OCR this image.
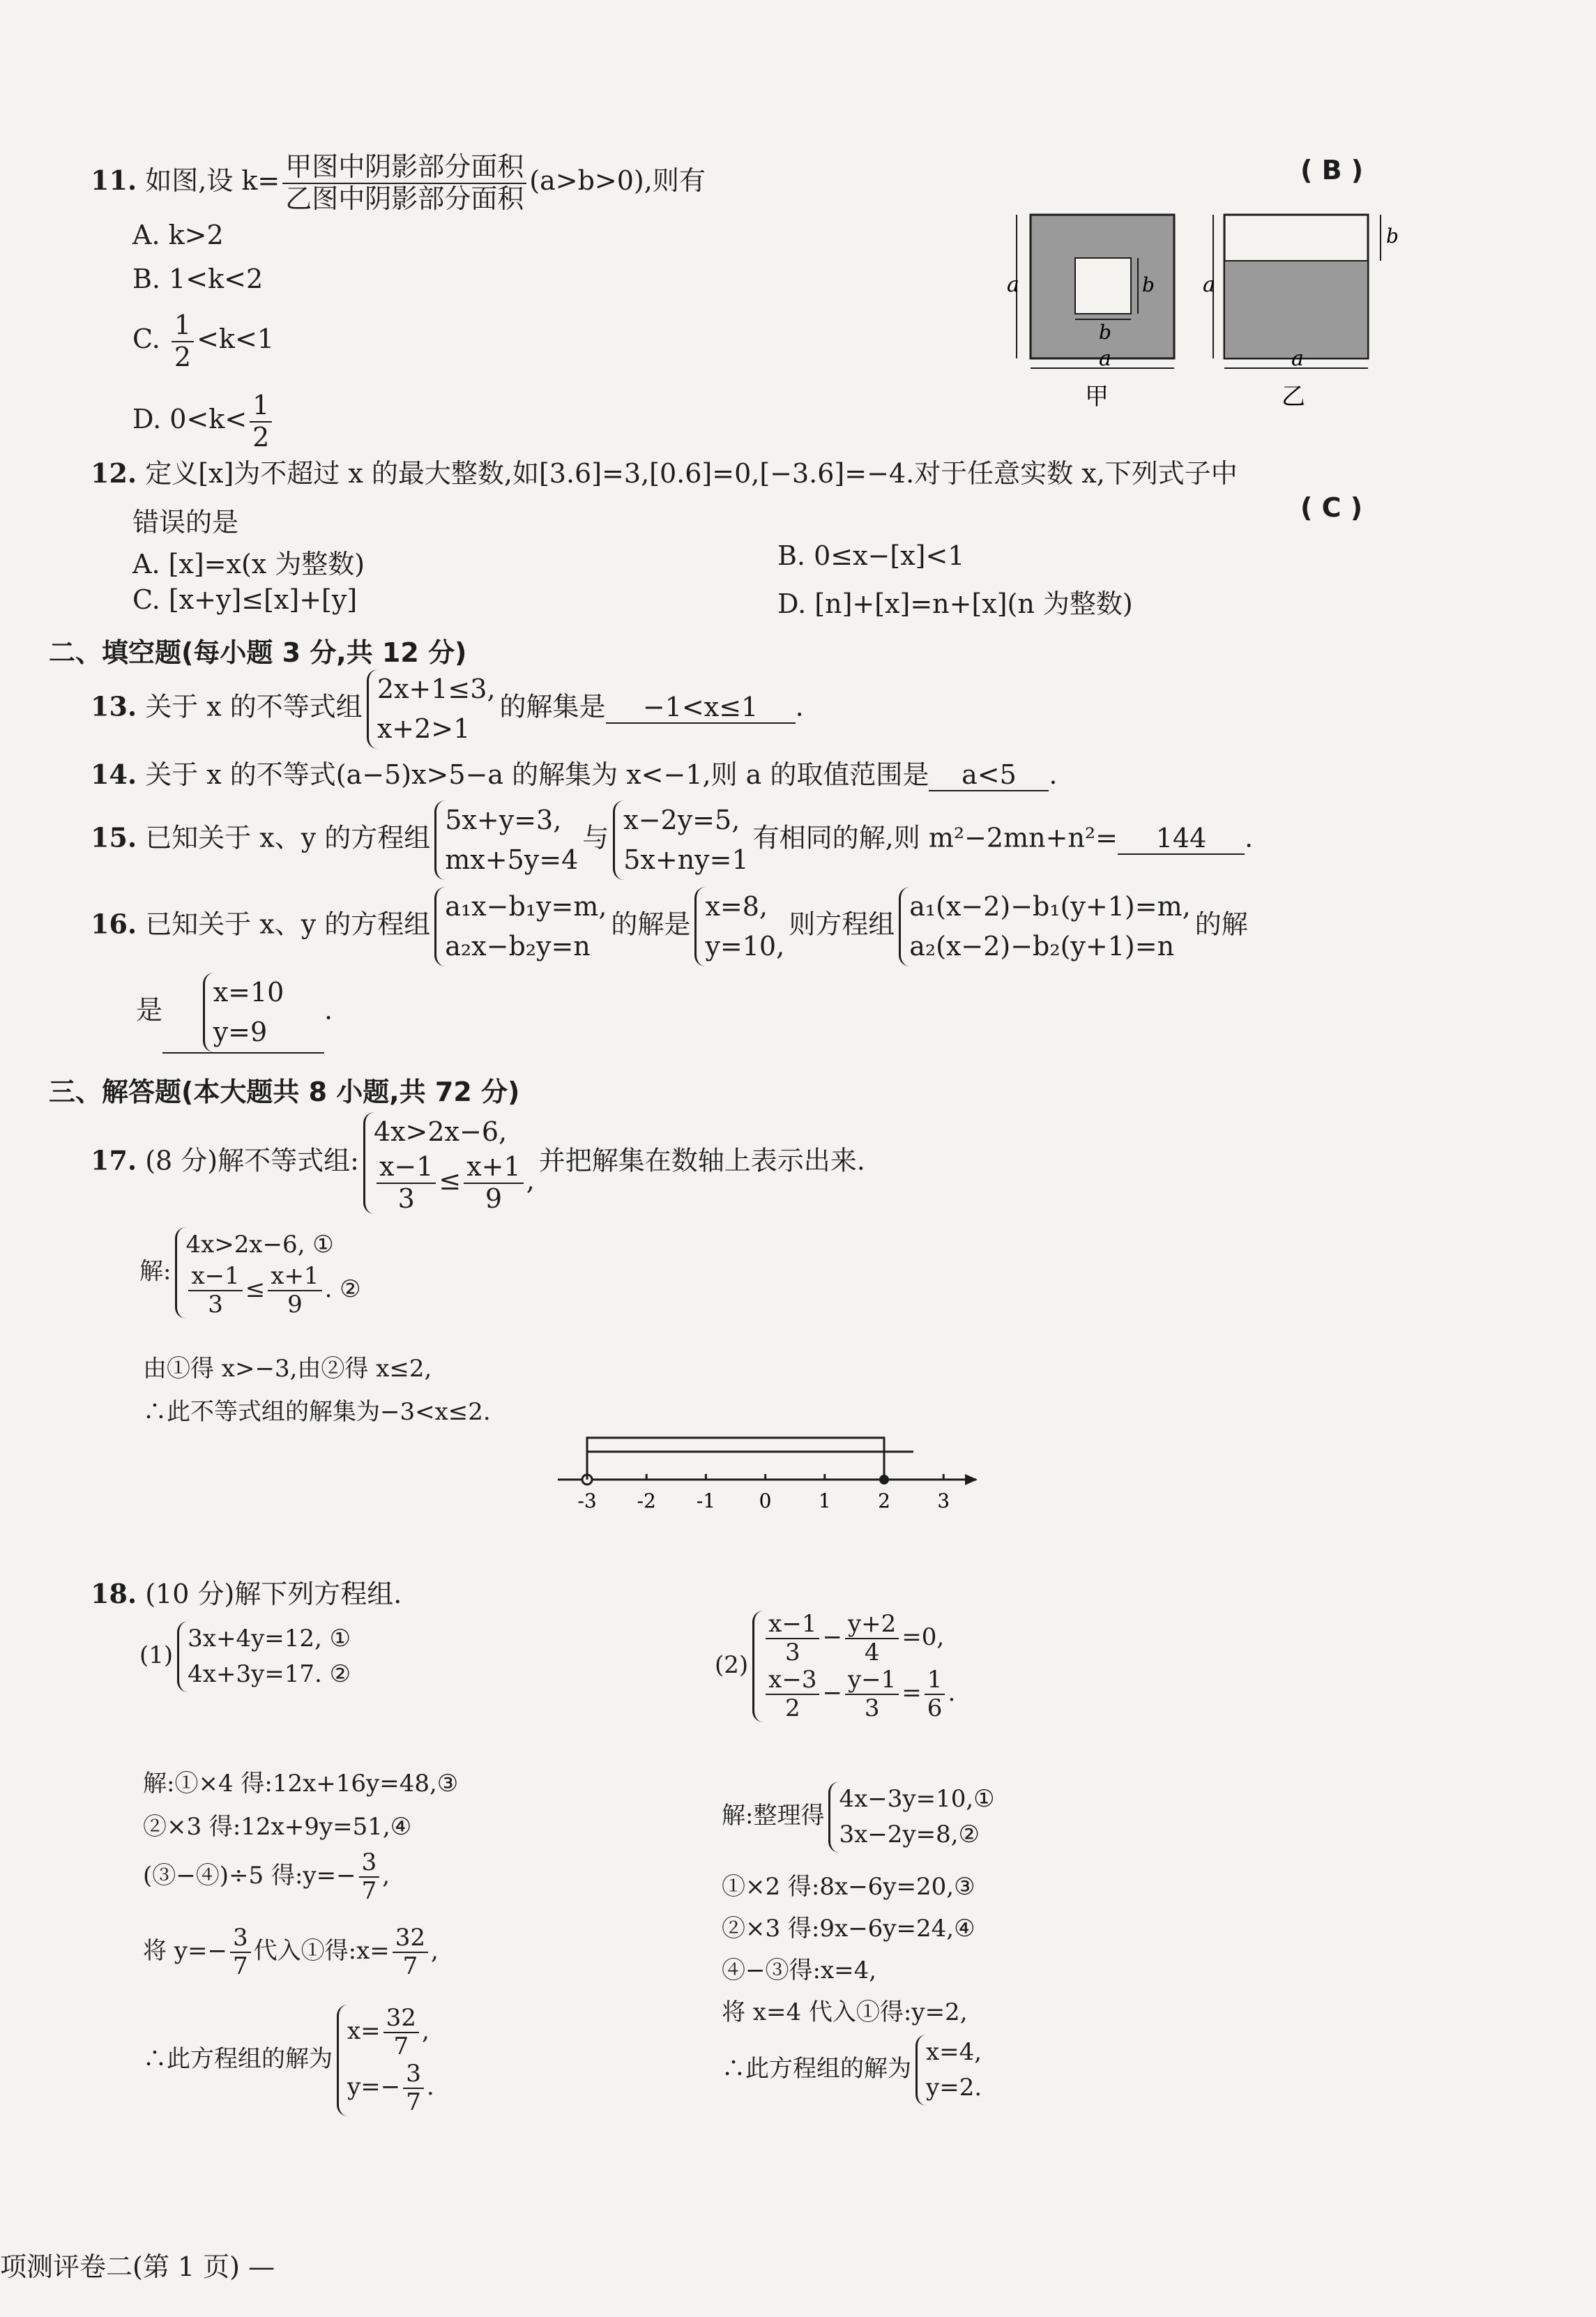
11. 如图,设 $k= \frac{\text{甲图中阴影部分面积}}{\text{乙图中阴影部分面积}} (a>b>0)$,则有	( B )
A. k>2
B. 1<k<2
C. $\frac{1}{2} <k<1$
D. $0<k< \frac{1}{2}$
a
a
b
b
甲
a
b
a
乙
12. 定义[x]为不超过 x 的最大整数,如[3.6]=3,[0.6]=0,[−3.6]=−4.对于任意实数 x,下列式子中
错误的是	( C )
A. [x]=x(x 为整数)	B. 0≤x−[x]<1
C. [x+y]≤[x]+[y]	D. [n]+[x]=n+[x](n 为整数)
二、填空题(每小题 3 分,共 12 分)
13. 关于 x 的不等式组
2x+1≤3,
x+2>1
的解集是 −1<x≤1 .
14. 关于 x 的不等式(a−5)x>5−a 的解集为 x<−1,则 a 的取值范围是 a<5 .
15. 已知关于 x、y 的方程组
5x+y=3,
mx+5y=4
与
x−2y=5,
5x+ny=1
有相同的解,则 m²−2mn+n²= 144 .
16. 已知关于 x、y 的方程组
a₁x−b₁y=m,
a₂x−b₂y=n
的解是
x=8,
y=10,
则方程组
a₁(x−2)−b₁(y+1)=m,
a₂(x−2)−b₂(y+1)=n
的解
是
x=10
y=9
.
三、解答题(本大题共 8 小题,共 72 分)
17. (8 分)解不等式组:
4x>2x−6,
$\frac{x-1}{3} \le \frac{x+1}{9}$ ,
并把解集在数轴上表示出来.
解:
4x>2x−6, ①
$\frac{x-1}{3} \le \frac{x+1}{9}$ . ②
由①得 x>−3,由②得 x≤2,
∴此不等式组的解集为−3<x≤2.
-3 -2 -1 0 1 2 3
18. (10 分)解下列方程组.
(1)
3x+4y=12, ①
4x+3y=17. ②	$(2) \frac{x-1}{3} - \frac{y+2}{4} =0$,
$\frac{x-3}{2} - \frac{y-1}{3} = \frac{1}{6}$ .
解:①×4 得:12x+16y=48,③
②×3 得:12x+9y=51,④
(③−④)÷5 得:y=− $\frac{3}{7}$ ,
将 $y=- \frac{3}{7}$ 代入①得:x= $\frac{32}{7}$ ,
∴此方程组的解为
$x= \frac{32}{7}$ ,
$y=- \frac{3}{7}$ .
解:整理得
4x−3y=10,①
3x−2y=8,②
①×2 得:8x−6y=20,③
②×3 得:9x−6y=24,④
④−③得:x=4,
将 x=4 代入①得:y=2,
∴此方程组的解为
x=4,
y=2.
项测评卷二(第 1 页) —
